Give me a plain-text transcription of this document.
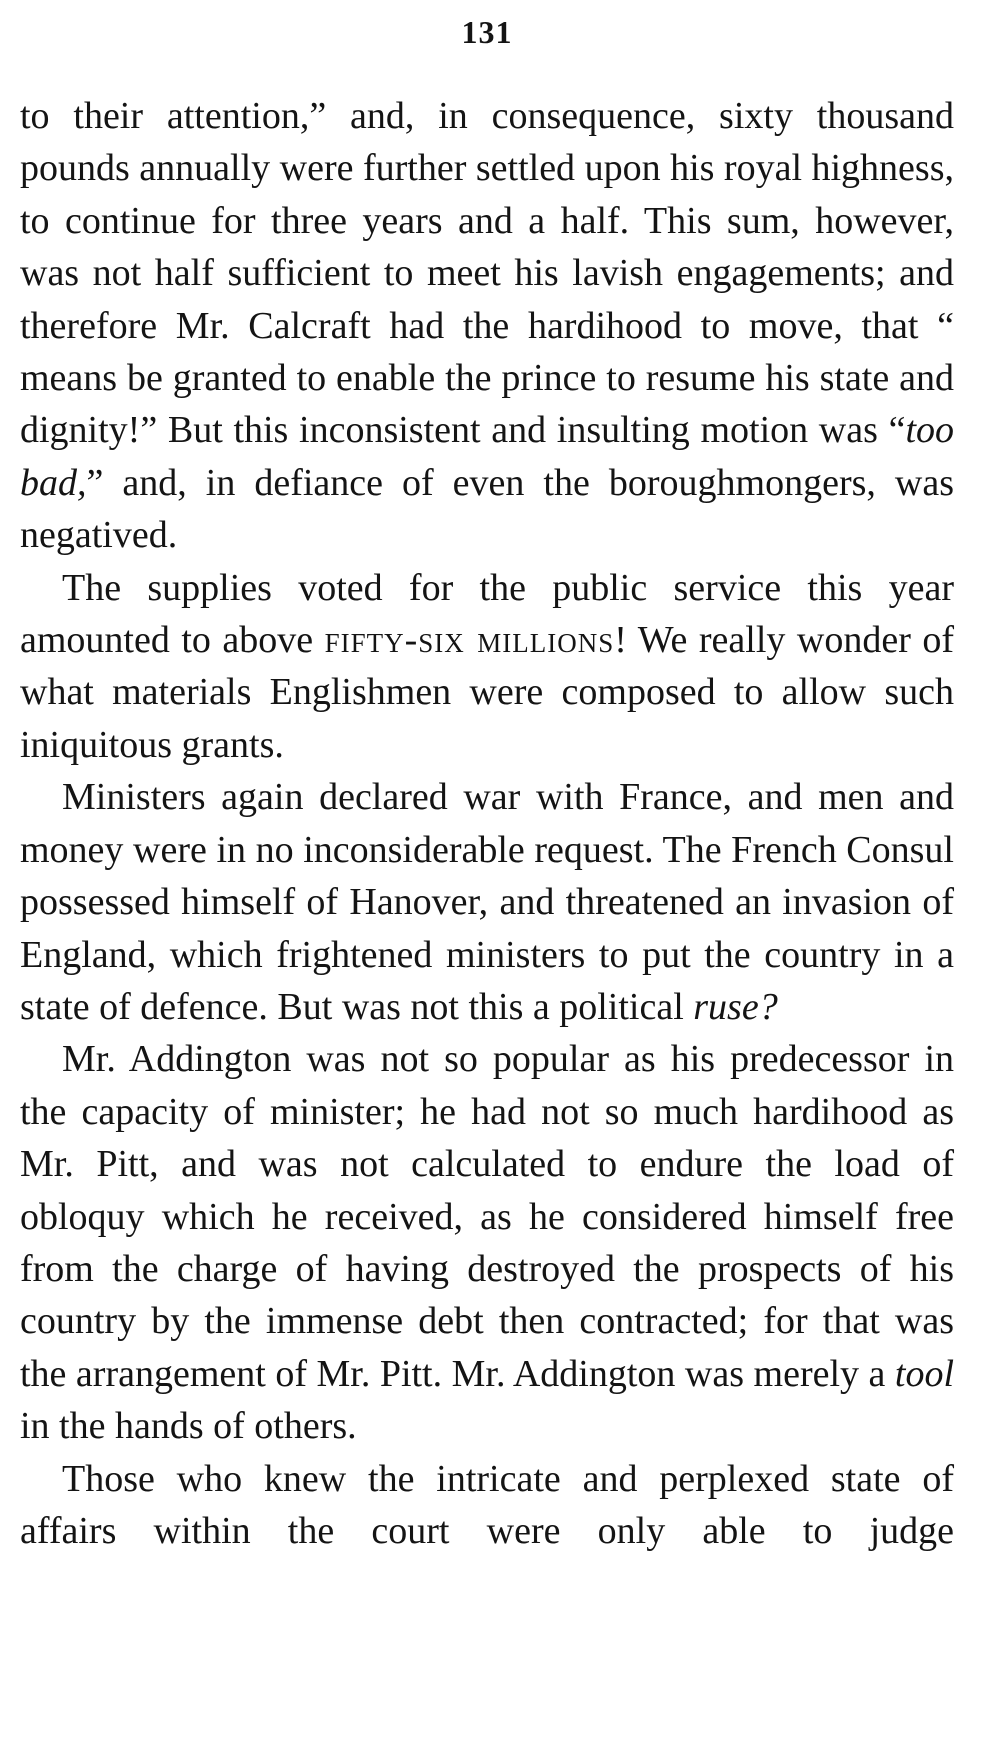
131

to their attention,” and, in consequence, sixty thousand pounds annually were further settled upon his royal highness, to continue for three years and a half. This sum, however, was not half sufficient to meet his lavish engagements; and therefore Mr. Calcraft had the hardihood to move, that “ means be granted to enable the prince to resume his state and dignity!” But this inconsistent and insulting motion was “too bad,” and, in defiance of even the boroughmongers, was negatived.

The supplies voted for the public service this year amounted to above fifty-six millions! We really wonder of what materials Englishmen were composed to allow such iniquitous grants.

Ministers again declared war with France, and men and money were in no inconsiderable request. The French Consul possessed himself of Hanover, and threatened an invasion of England, which frightened ministers to put the country in a state of defence. But was not this a political ruse?

Mr. Addington was not so popular as his predecessor in the capacity of minister; he had not so much hardihood as Mr. Pitt, and was not calculated to endure the load of obloquy which he received, as he considered himself free from the charge of having destroyed the prospects of his country by the immense debt then contracted; for that was the arrangement of Mr. Pitt. Mr. Addington was merely a tool in the hands of others.

Those who knew the intricate and perplexed state of affairs within the court were only able to judge
